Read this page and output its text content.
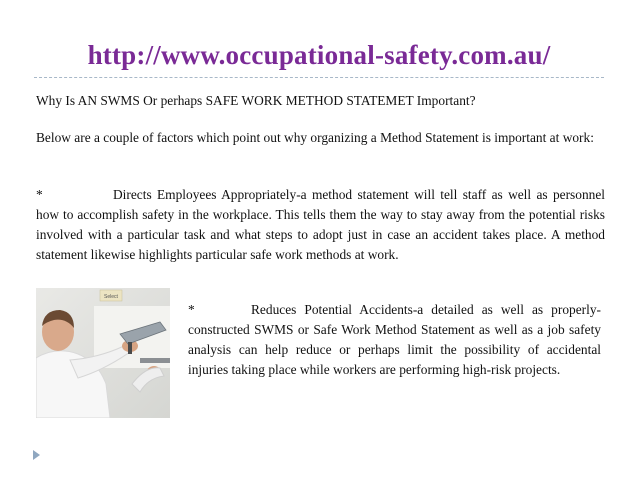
http://www.occupational-safety.com.au/
Why Is AN SWMS Or perhaps SAFE WORK METHOD STATEMET Important?
Below are a couple of factors which point out why organizing a Method Statement is important at work:
*	Directs Employees Appropriately-a method statement will tell staff as well as personnel how to accomplish safety in the workplace. This tells them the way to stay away from the potential risks involved with a particular task and what steps to adopt just in case an accident takes place. A method statement likewise highlights particular safe work methods at work.
Select
*	Reduces Potential Accidents-a detailed as well as properly-constructed SWMS or Safe Work Method Statement as well as a job safety analysis can help reduce or perhaps limit the possibility of accidental injuries taking place while workers are performing high-risk projects.
